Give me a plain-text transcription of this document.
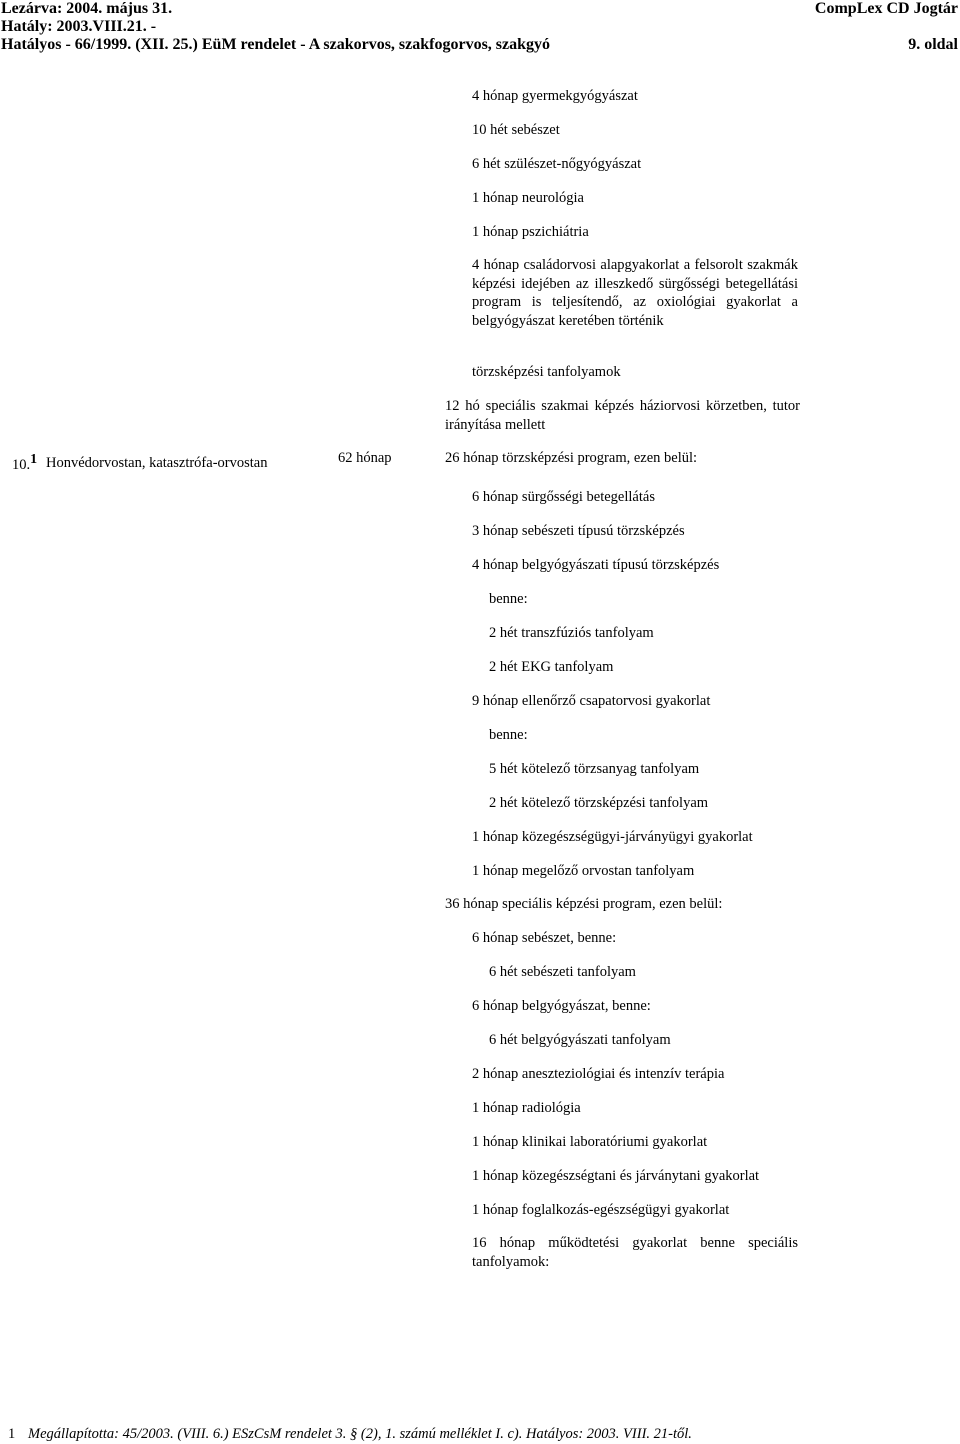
Lezárva: 2004. május 31.
Hatály: 2003.VIII.21. -
Hatályos - 66/1999. (XII. 25.) EüM rendelet - A szakorvos, szakfogorvos, szakgyó
CompLex CD Jogtár
9. oldal
4 hónap gyermekgyógyászat
10 hét sebészet
6 hét szülészet-nőgyógyászat
1 hónap neurológia
1 hónap pszichiátria
4 hónap családorvosi alapgyakorlat a felsorolt szakmák képzési idejében az illeszkedő sürgősségi betegellátási program is teljesítendő, az oxiológiai gyakorlat a belgyógyászat keretében történik
törzsképzési tanfolyamok
12 hó speciális szakmai képzés háziorvosi körzetben, tutor irányítása mellett
10.1 Honvédorvostan, katasztrófa-orvostan	62 hónap	26 hónap törzsképzési program, ezen belül:
6 hónap sürgősségi betegellátás
3 hónap sebészeti típusú törzsképzés
4 hónap belgyógyászati típusú törzsképzés
benne:
2 hét transzfúziós tanfolyam
2 hét EKG tanfolyam
9 hónap ellenőrző csapatorvosi gyakorlat
benne:
5 hét kötelező törzsanyag tanfolyam
2 hét kötelező törzsképzési tanfolyam
1 hónap közegészségügyi-járványügyi gyakorlat
1 hónap megelőző orvostan tanfolyam
36 hónap speciális képzési program, ezen belül:
6 hónap sebészet, benne:
6 hét sebészeti tanfolyam
6 hónap belgyógyászat, benne:
6 hét belgyógyászati tanfolyam
2 hónap aneszteziológiai és intenzív terápia
1 hónap radiológia
1 hónap klinikai laboratóriumi gyakorlat
1 hónap közegészségtani és járványtani gyakorlat
1 hónap foglalkozás-egészségügyi gyakorlat
16 hónap működtetési gyakorlat benne speciális tanfolyamok:
1 Megállapította: 45/2003. (VIII. 6.) ESzCsM rendelet 3. § (2), 1. számú melléklet I. c). Hatályos: 2003. VIII. 21-től.
